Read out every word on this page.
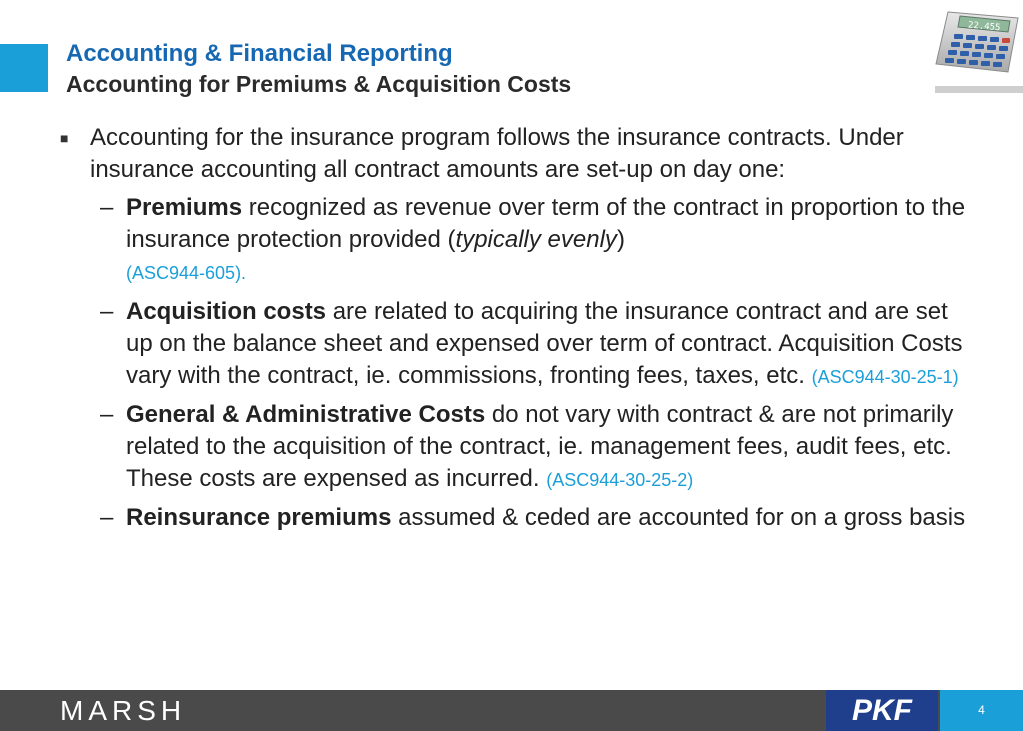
Accounting & Financial Reporting
Accounting for Premiums & Acquisition Costs
22.455

■ Accounting for the insurance program follows the insurance contracts. Under insurance accounting all contract amounts are set-up on day one:

– Premiums recognized as revenue over term of the contract in proportion to the insurance protection provided (typically evenly)
(ASC944-605).
– Acquisition costs are related to acquiring the insurance contract and are set up on the balance sheet and expensed over term of contract. Acquisition Costs vary with the contract, ie. commissions, fronting fees, taxes, etc. (ASC944-30-25-1)
– General & Administrative Costs do not vary with contract & are not primarily related to the acquisition of the contract, ie. management fees, audit fees, etc. These costs are expensed as incurred. (ASC944-30-25-2)
– Reinsurance premiums assumed & ceded are accounted for on a gross basis
MARSH	PKF	4
